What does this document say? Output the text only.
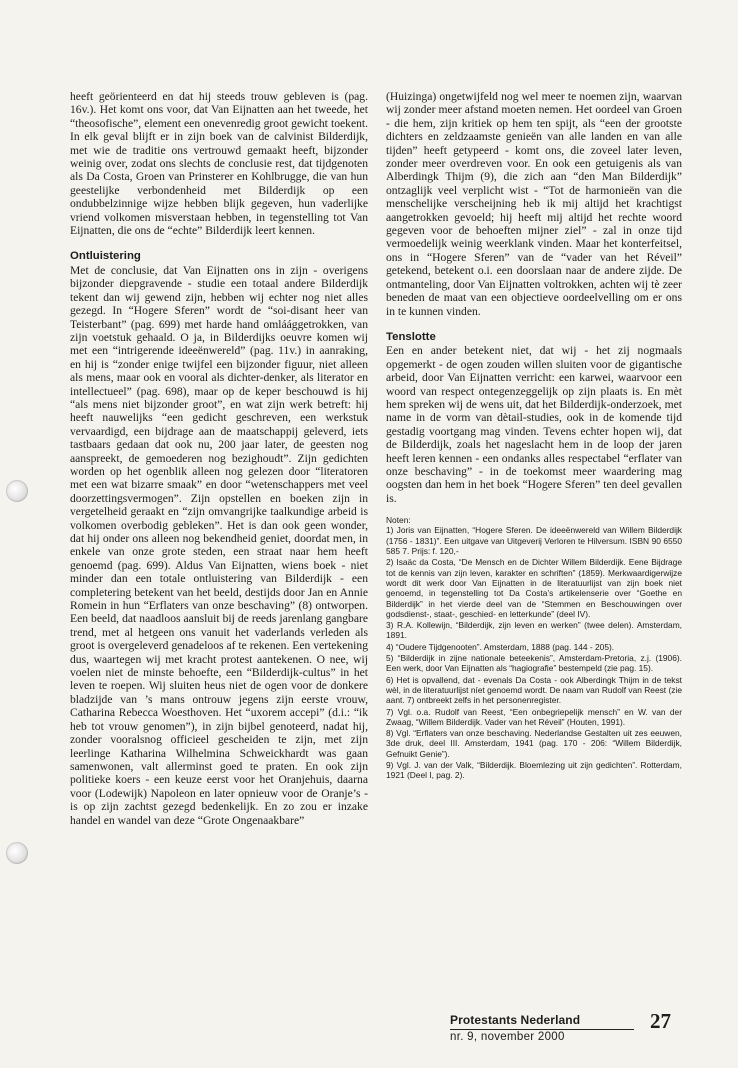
heeft geörienteerd en dat hij steeds trouw gebleven is (pag. 16v.). Het komt ons voor, dat Van Eijnatten aan het tweede, het “theosofische”, element een onevenredig groot gewicht toekent. In elk geval blijft er in zijn boek van de calvinist Bilderdijk, met wie de traditie ons vertrouwd gemaakt heeft, bijzonder weinig over, zodat ons slechts de conclusie rest, dat tijdgenoten als Da Costa, Groen van Prinsterer en Kohlbrugge, die van hun geestelijke verbondenheid met Bilderdijk op een ondubbelzinnige wijze hebben blijk gegeven, hun vaderlijke vriend volkomen misverstaan hebben, in tegenstelling tot Van Eijnatten, die ons de “echte” Bilderdijk leert kennen.

Ontluistering

Met de conclusie, dat Van Eijnatten ons in zijn - overigens bijzonder diepgravende - studie een totaal andere Bilderdijk tekent dan wij gewend zijn, hebben wij echter nog niet alles gezegd. In “Hogere Sferen” wordt de “soi-disant heer van Teisterbant” (pag. 699) met harde hand omláággetrokken, van zijn voetstuk gehaald. O ja, in Bilderdijks oeuvre komen wij met een “intrigerende ideeënwereld” (pag. 11v.) in aanraking, en hij is “zonder enige twijfel een bijzonder figuur, niet alleen als mens, maar ook en vooral als dichter-denker, als literator en intellectueel” (pag. 698), maar op de keper beschouwd is hij “als mens niet bijzonder groot”, en wat zijn werk betreft: hij heeft nauwelijks “een gedicht geschreven, een werkstuk vervaardigd, een bijdrage aan de maatschappij geleverd, iets tastbaars gedaan dat ook nu, 200 jaar later, de geesten nog aanspreekt, de gemoederen nog bezighoudt”. Zijn gedichten worden op het ogenblik alleen nog gelezen door “literatoren met een wat bizarre smaak” en door “wetenschappers met veel doorzettingsvermogen”. Zijn opstellen en boeken zijn in vergetelheid geraakt en “zijn omvangrijke taalkundige arbeid is volkomen overbodig gebleken”. Het is dan ook geen wonder, dat hij onder ons alleen nog bekendheid geniet, doordat men, in enkele van onze grote steden, een straat naar hem heeft genoemd (pag. 699). Aldus Van Eijnatten, wiens boek - niet minder dan een totale ontluistering van Bilderdijk - een completering betekent van het beeld, destijds door Jan en Annie Romein in hun “Erflaters van onze beschaving” (8) ontworpen. Een beeld, dat naadloos aansluit bij de reeds jarenlang gangbare trend, met al hetgeen ons vanuit het vaderlands verleden als groot is overgeleverd genadeloos af te rekenen. Een vertekening dus, waartegen wij met kracht protest aantekenen. O nee, wij voelen niet de minste behoefte, een “Bilderdijk-cultus” in het leven te roepen. Wij sluiten heus niet de ogen voor de donkere bladzijde van ’s mans ontrouw jegens zijn eerste vrouw, Catharina Rebecca Woesthoven. Het “uxorem accepi” (d.i.: “ik heb tot vrouw genomen”), in zijn bijbel genoteerd, nadat hij, zonder vooralsnog officieel gescheiden te zijn, met zijn leerlinge Katharina Wilhelmina Schweickhardt was gaan samenwonen, valt allerminst goed te praten. En ook zijn politieke koers - een keuze eerst voor het Oranjehuis, daarna voor (Lodewijk) Napoleon en later opnieuw voor de Oranje’s - is op zijn zachtst gezegd bedenkelijk. En zo zou er inzake handel en wandel van deze “Grote Ongenaakbare”

(Huizinga) ongetwijfeld nog wel meer te noemen zijn, waarvan wij zonder meer afstand moeten nemen. Het oordeel van Groen - die hem, zijn kritiek op hem ten spijt, als “een der grootste dichters en zeldzaamste genieën van alle landen en van alle tijden” heeft getypeerd - komt ons, die zoveel later leven, zonder meer overdreven voor. En ook een getuigenis als van Alberdingk Thijm (9), die zich aan “den Man Bilderdijk” ontzaglijk veel verplicht wist - “Tot de harmonieën van die menschelijke verscheijning heb ik mij altijd het krachtigst aangetrokken gevoeld; hij heeft mij altijd het rechte woord gegeven voor de behoeften mijner ziel” - zal in onze tijd vermoedelijk weinig weerklank vinden. Maar het konterfeitsel, ons in “Hogere Sferen” van de “vader van het Réveil” getekend, betekent o.i. een doorslaan naar de andere zijde. De ontmanteling, door Van Eijnatten voltrokken, achten wij tè zeer beneden de maat van een objectieve oordeelvelling om er ons in te kunnen vinden.

Tenslotte

Een en ander betekent niet, dat wij - het zij nogmaals opgemerkt - de ogen zouden willen sluiten voor de gigantische arbeid, door Van Eijnatten verricht: een karwei, waarvoor een woord van respect ontegenzeggelijk op zijn plaats is. En mèt hem spreken wij de wens uit, dat het Bilderdijk-onderzoek, met name in de vorm van dètail-studies, ook in de komende tijd gestadig voortgang mag vinden. Tevens echter hopen wij, dat de Bilderdijk, zoals het nageslacht hem in de loop der jaren heeft leren kennen - een ondanks alles respectabel “erflater van onze beschaving” - in de toekomst meer waardering mag oogsten dan hem in het boek “Hogere Sferen” ten deel gevallen is.

Noten:

1) Joris van Eijnatten, “Hogere Sferen. De ideeënwereld van Willem Bilderdijk (1756 - 1831)”. Een uitgave van Uitgeverij Verloren te Hilversum. ISBN 90 6550 585 7. Prijs: f. 120,-

2) Isaäc da Costa, “De Mensch en de Dichter Willem Bilderdijk. Eene Bijdrage tot de kennis van zijn leven, karakter en schriften” (1859). Merkwaardigerwijze wordt dit werk door Van Eijnatten in de literatuurlijst van zijn boek niet genoemd, in tegenstelling tot Da Costa’s artikelenserie over “Goethe en Bilderdijk” in het vierde deel van de “Stemmen en Beschouwingen over godsdienst-, staat-, geschied- en letterkunde” (deel IV).

3) R.A. Kollewijn, “Bilderdijk, zijn leven en werken” (twee delen). Amsterdam, 1891.

4) “Oudere Tijdgenooten”. Amsterdam, 1888 (pag. 144 - 205).

5) “Bilderdijk in zijne nationale beteekenis”, Amsterdam-Pretoria, z.j. (1906). Een werk, door Van Eijnatten als “hagiografie” bestempeld (zie pag. 15).

6) Het is opvallend, dat - evenals Da Costa - ook Alberdingk Thijm in de tekst wèl, in de literatuurlijst níet genoemd wordt. De naam van Rudolf van Reest (zie aant. 7) ontbreekt zelfs in het personenregister.

7) Vgl. o.a. Rudolf van Reest, “Een onbegriepelijk mensch” en W. van der Zwaag, “Willem Bilderdijk. Vader van het Réveil” (Houten, 1991).

8) Vgl. “Erflaters van onze beschaving. Nederlandse Gestalten uit zes eeuwen, 3de druk, deel III. Amsterdam, 1941 (pag. 170 - 206: “Willem Bilderdijk, Gefnuikt Genie”).

9) Vgl. J. van der Valk, “Bilderdijk. Bloemlezing uit zijn gedichten”. Rotterdam, 1921 (Deel I, pag. 2).

Protestants Nederland
nr. 9, november 2000
27
